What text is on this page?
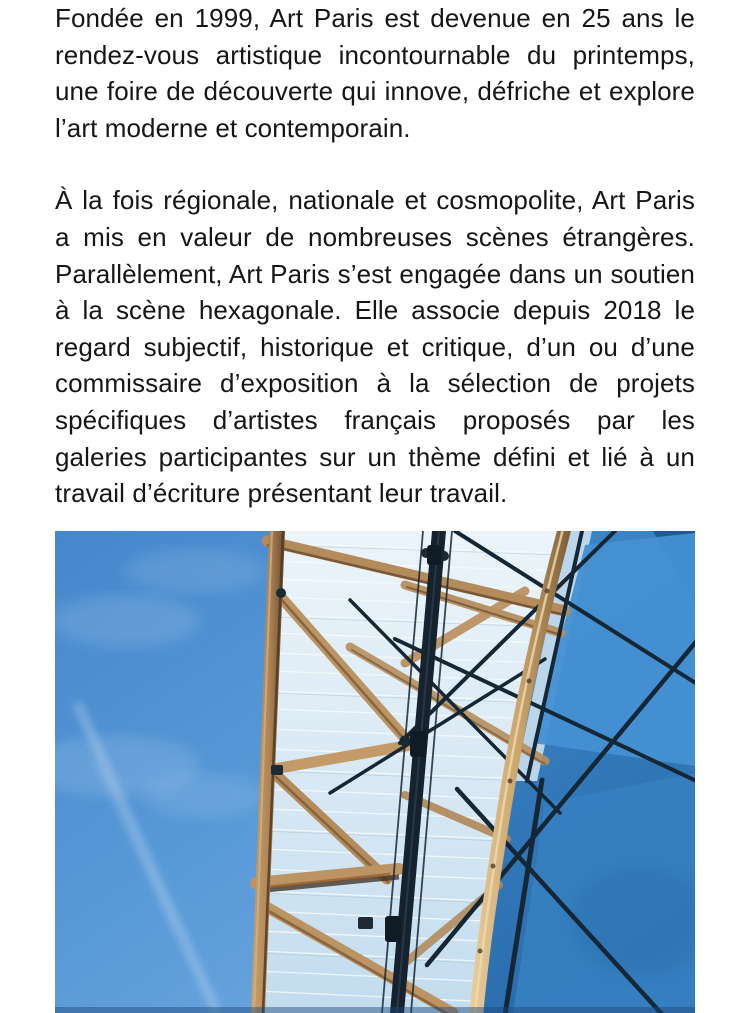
Fondée en 1999, Art Paris est devenue en 25 ans le rendez-vous artistique incontournable du printemps, une foire de découverte qui innove, défriche et explore l’art moderne et contemporain.

À la fois régionale, nationale et cosmopolite, Art Paris a mis en valeur de nombreuses scènes étrangères. Parallèlement, Art Paris s’est engagée dans un soutien à la scène hexagonale. Elle associe depuis 2018 le regard subjectif, historique et critique, d’un ou d’une commissaire d’exposition à la sélection de projets spécifiques d’artistes français proposés par les galeries participantes sur un thème défini et lié à un travail d’écriture présentant leur travail.
